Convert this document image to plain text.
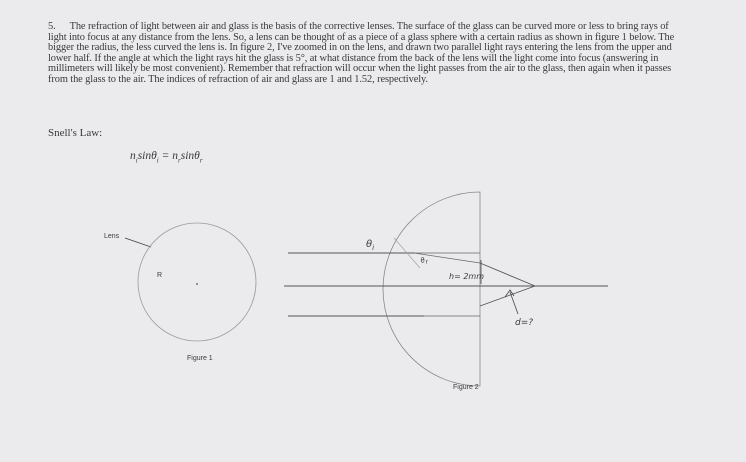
5. The refraction of light between air and glass is the basis of the corrective lenses. The surface of the glass can be curved more or less to bring rays of light into focus at any distance from the lens. So, a lens can be thought of as a piece of a glass sphere with a certain radius as shown in figure 1 below. The bigger the radius, the less curved the lens is. In figure 2, I've zoomed in on the lens, and drawn two parallel light rays entering the lens from the upper and lower half. If the angle at which the light rays hit the glass is 5°, at what distance from the back of the lens will the light come into focus (answering in millimeters will likely be most convenient). Remember that refraction will occur when the light passes from the air to the glass, then again when it passes from the glass to the air. The indices of refraction of air and glass are 1 and 1.52, respectively.
Snell's Law:
$n_i\sin\theta_i = n_r\sin\theta_r$
Lens
R
Figure 1
$\theta_i$
$\theta_r$
h= 2mm
d=?
Figure 2
